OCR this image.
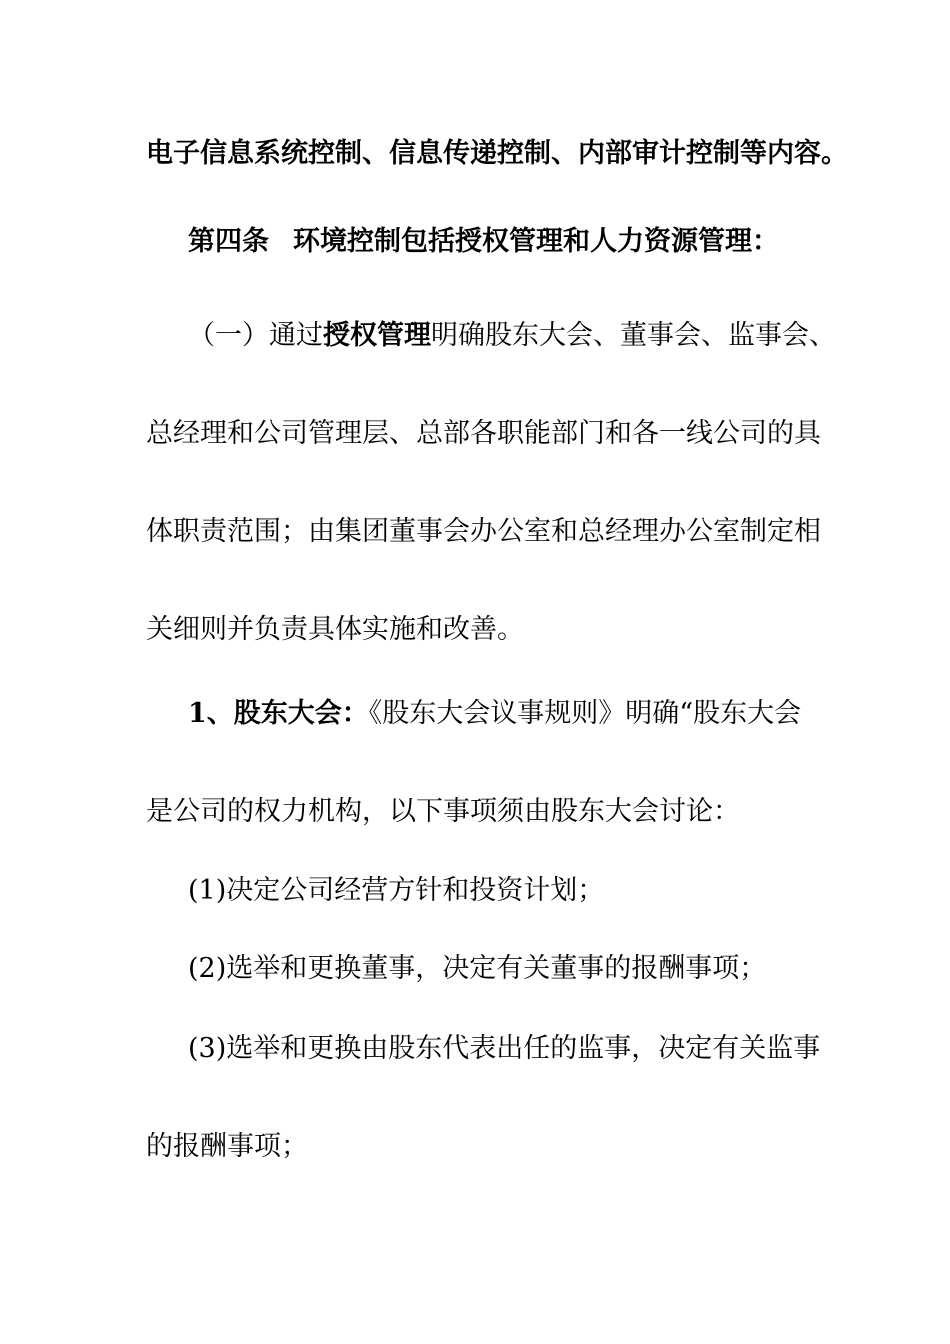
电子信息系统控制、信息传递控制、内部审计控制等内容。
第四条 环境控制包括授权管理和人力资源管理：
（一）通过授权管理明确股东大会、董事会、监事会、
总经理和公司管理层、总部各职能部门和各一线公司的具
体职责范围；由集团董事会办公室和总经理办公室制定相
关细则并负责具体实施和改善。
1、股东大会：《股东大会议事规则》明确“股东大会
是公司的权力机构，以下事项须由股东大会讨论：
(1)决定公司经营方针和投资计划；
(2)选举和更换董事，决定有关董事的报酬事项；
(3)选举和更换由股东代表出任的监事，决定有关监事
的报酬事项；
